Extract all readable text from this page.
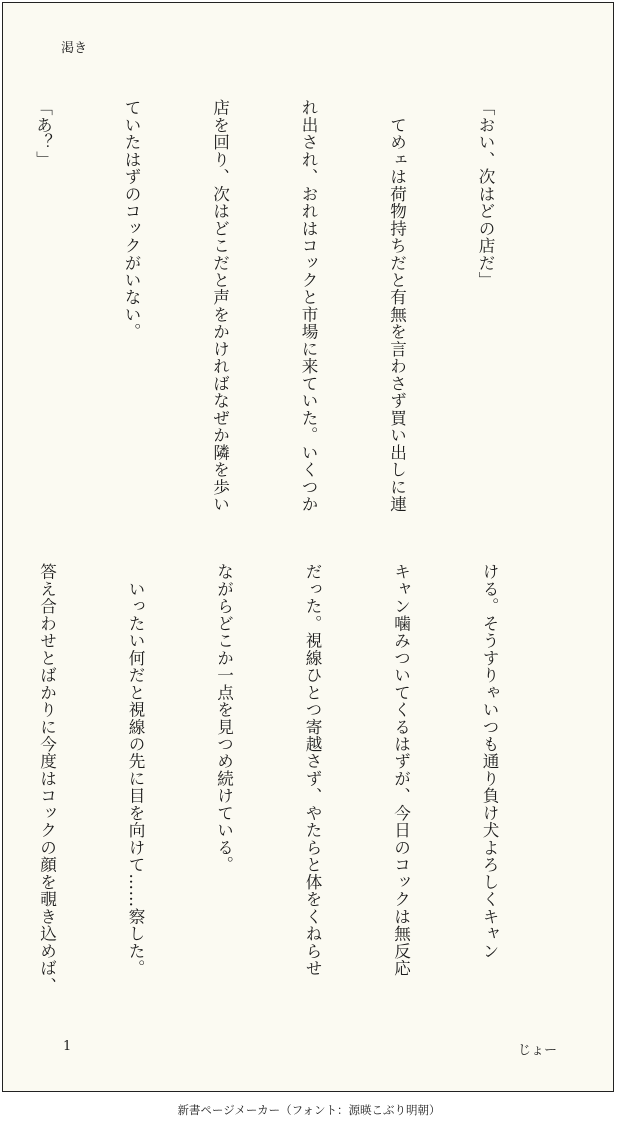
渇き

「おい、次はどの店だ」

　てめェは荷物持ちだと有無を言わさず買い出しに連

れ出され、おれはコックと市場に来ていた。いくつか

店を回り、次はどこだと声をかければなぜか隣を歩い

ていたはずのコックがいない。

「あ？」

ける。そうすりゃいつも通り負け犬よろしくキャン

キャン噛みついてくるはずが、今日のコックは無反応

だった。視線ひとつ寄越さず、やたらと体をくねらせ

ながらどこか一点を見つめ続けている。

　いったい何だと視線の先に目を向けて……察した。

答え合わせとばかりに今度はコックの顔を覗き込めば、

1	じょー
新書ページメーカー（フォント：源暎こぶり明朝）
